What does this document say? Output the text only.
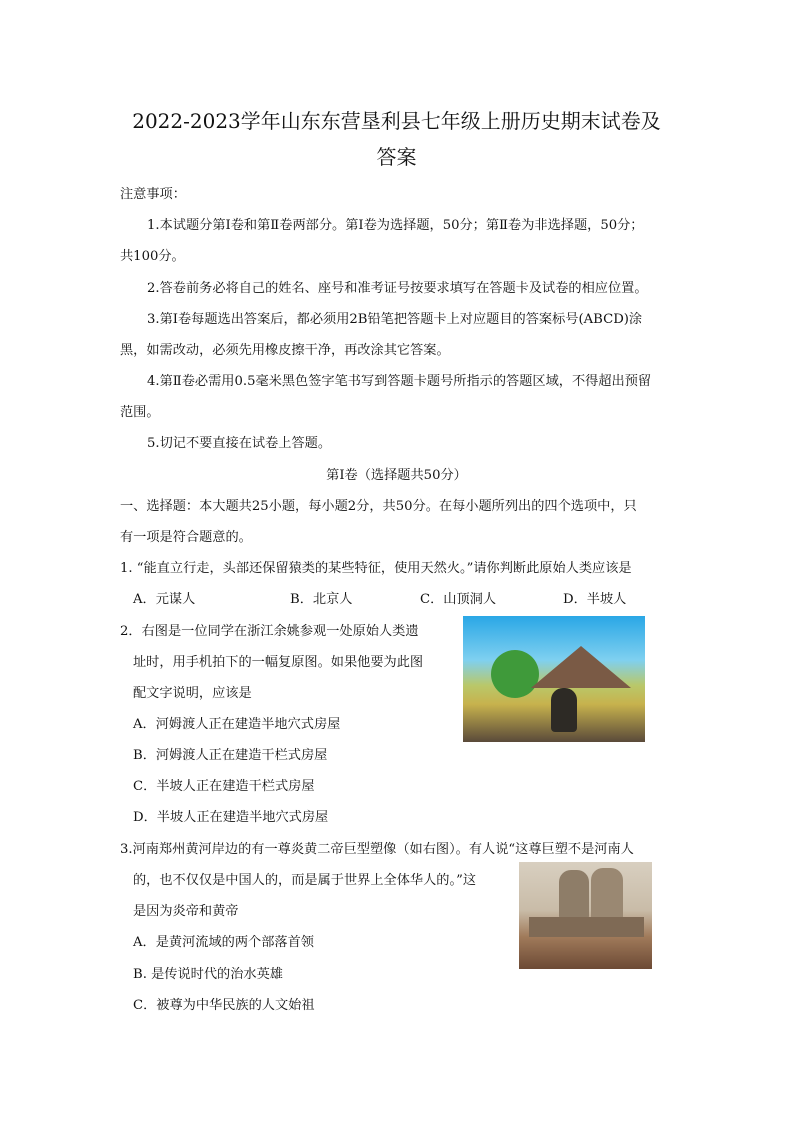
2022-2023学年山东东营垦利县七年级上册历史期末试卷及
答案
注意事项：
1.本试题分第Ⅰ卷和第Ⅱ卷两部分。第Ⅰ卷为选择题，50分；第Ⅱ卷为非选择题，50分；
共100分。
2.答卷前务必将自己的姓名、座号和准考证号按要求填写在答题卡及试卷的相应位置。
3.第Ⅰ卷每题选出答案后，都必须用2B铅笔把答题卡上对应题目的答案标号(ABCD)涂
黑，如需改动，必须先用橡皮擦干净，再改涂其它答案。
4.第Ⅱ卷必需用0.5毫米黑色签字笔书写到答题卡题号所指示的答题区域，不得超出预留
范围。
5.切记不要直接在试卷上答题。
第Ⅰ卷（选择题共50分）
一、选择题：本大题共25小题，每小题2分，共50分。在每小题所列出的四个选项中，只
有一项是符合题意的。
1. “能直立行走，头部还保留猿类的某些特征，使用天然火。”请你判断此原始人类应该是
A．元谋人	B．北京人	C．山顶洞人	D．半坡人
2．右图是一位同学在浙江余姚参观一处原始人类遗
址时，用手机拍下的一幅复原图。如果他要为此图
配文字说明，应该是
A．河姆渡人正在建造半地穴式房屋
B．河姆渡人正在建造干栏式房屋
C．半坡人正在建造干栏式房屋
D．半坡人正在建造半地穴式房屋
3.河南郑州黄河岸边的有一尊炎黄二帝巨型塑像（如右图）。有人说“这尊巨塑不是河南人
的，也不仅仅是中国人的，而是属于世界上全体华人的。”这
是因为炎帝和黄帝
A．是黄河流域的两个部落首领
B. 是传说时代的治水英雄
C．被尊为中华民族的人文始祖
